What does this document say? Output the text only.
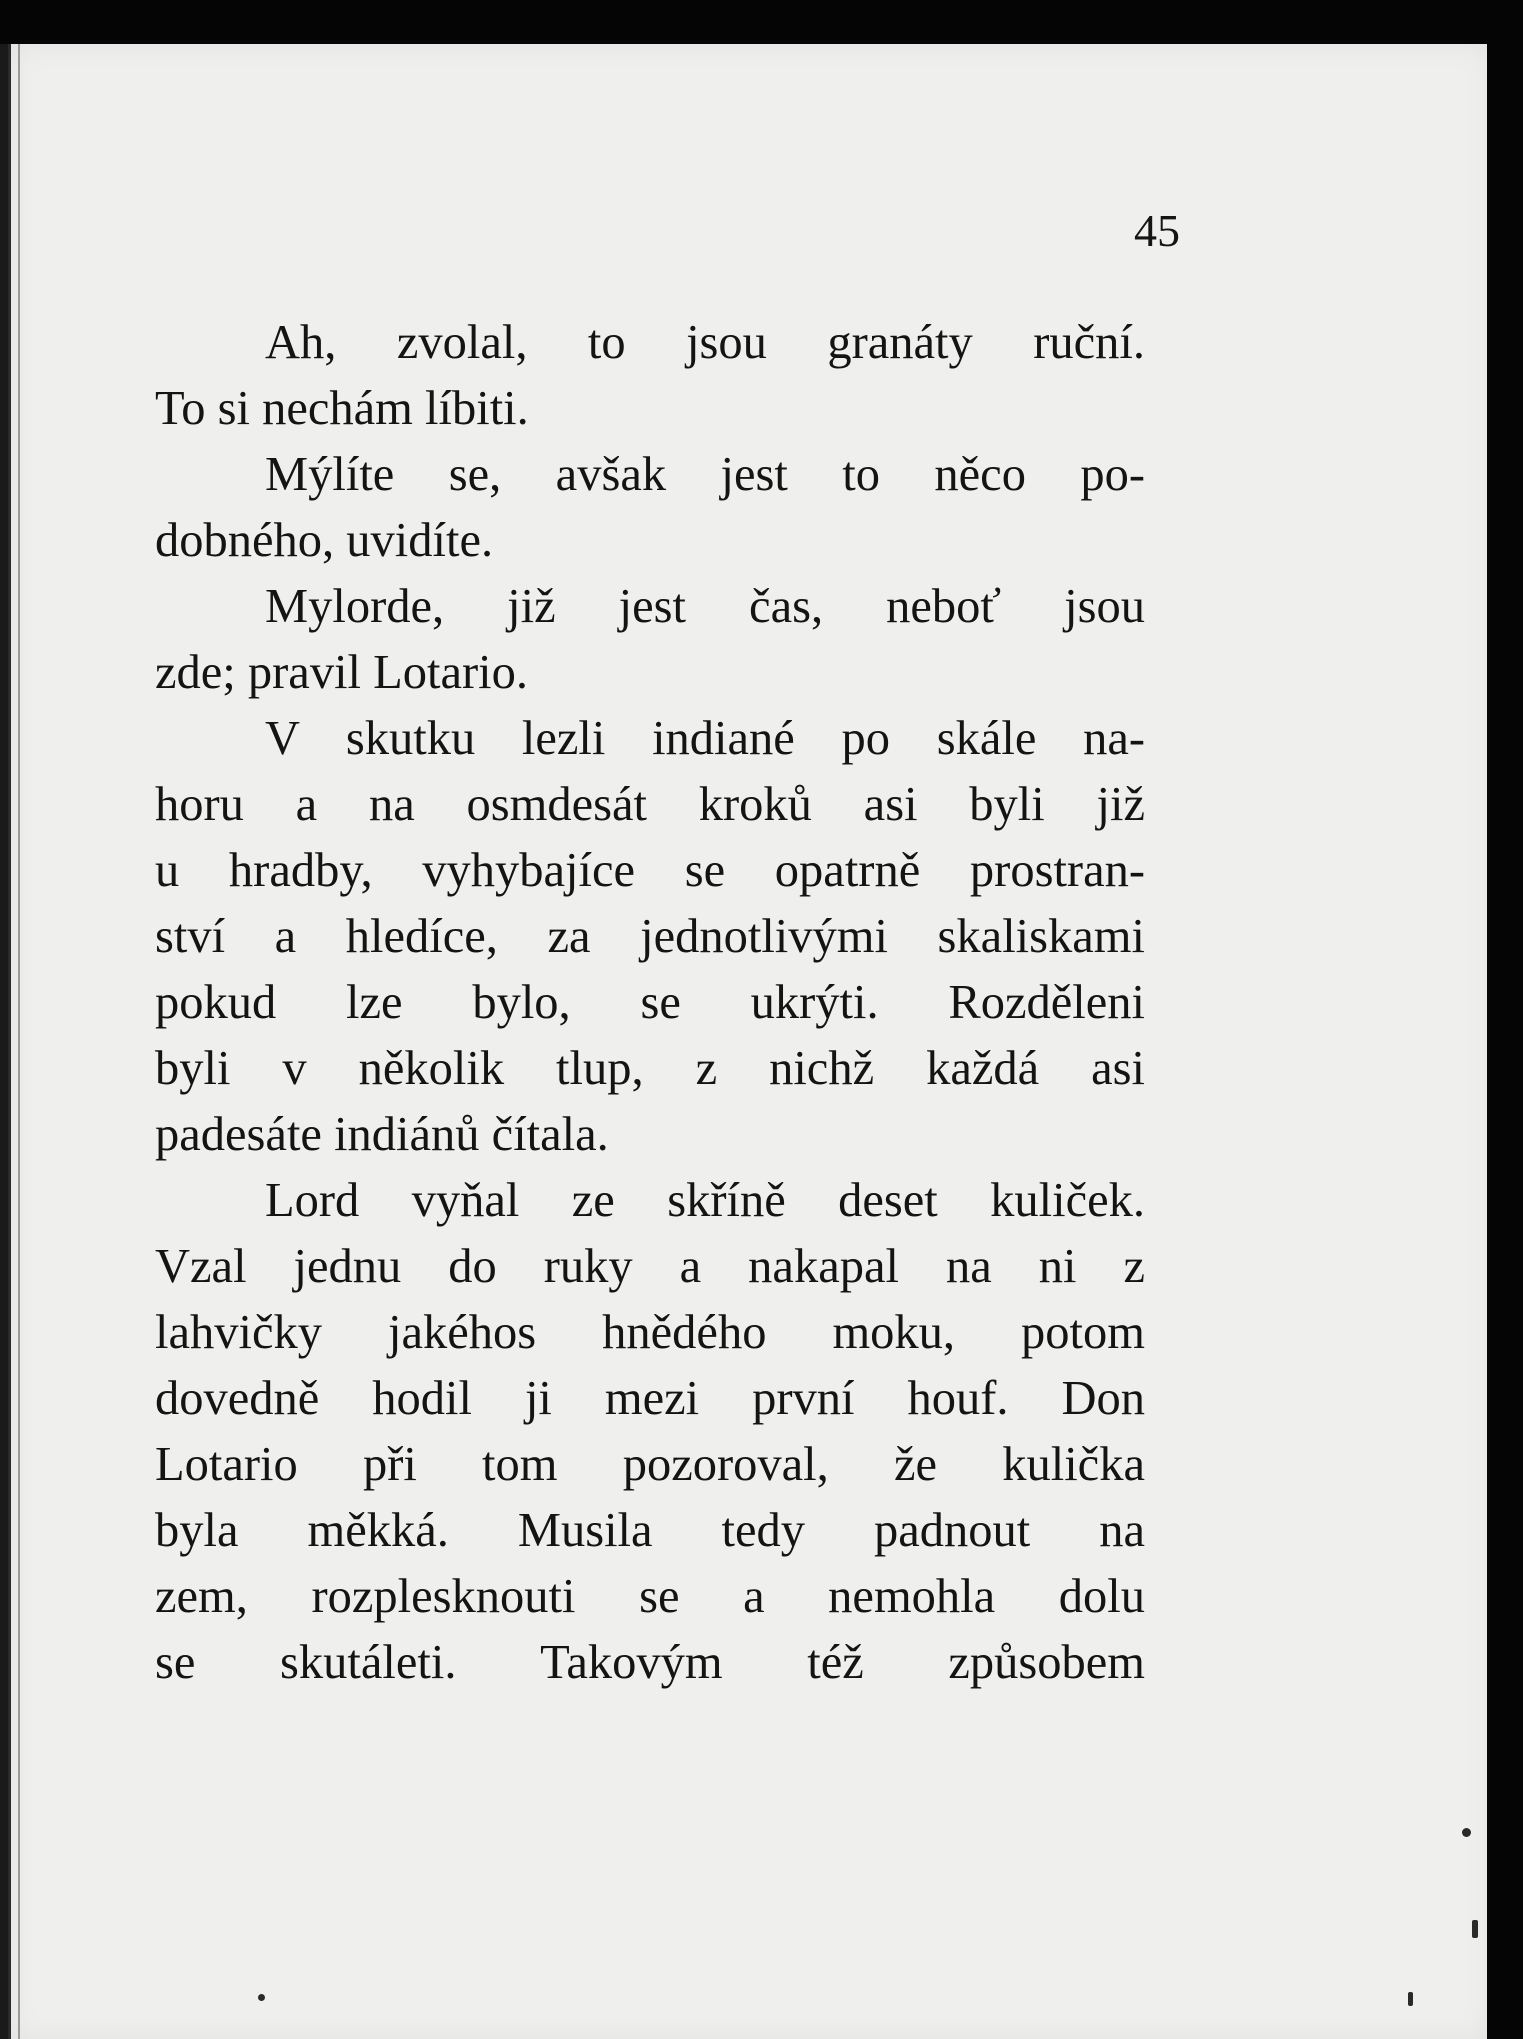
45
Ah, zvolal, to jsou granáty ruční.
To si nechám líbiti.
Mýlíte se, avšak jest to něco po-
dobného, uvidíte.
Mylorde, již jest čas, neboť jsou
zde; pravil Lotario.
V skutku lezli indiané po skále na-
horu a na osmdesát kroků asi byli již
u hradby, vyhybajíce se opatrně prostran-
ství a hledíce, za jednotlivými skaliskami
pokud lze bylo, se ukrýti. Rozděleni
byli v několik tlup, z nichž každá asi
padesáte indiánů čítala.
Lord vyňal ze skříně deset kuliček.
Vzal jednu do ruky a nakapal na ni z
lahvičky jakéhos hnědého moku, potom
dovedně hodil ji mezi první houf. Don
Lotario při tom pozoroval, že kulička
byla měkká. Musila tedy padnout na
zem, rozplesknouti se a nemohla dolu
se skutáleti. Takovým též způsobem
